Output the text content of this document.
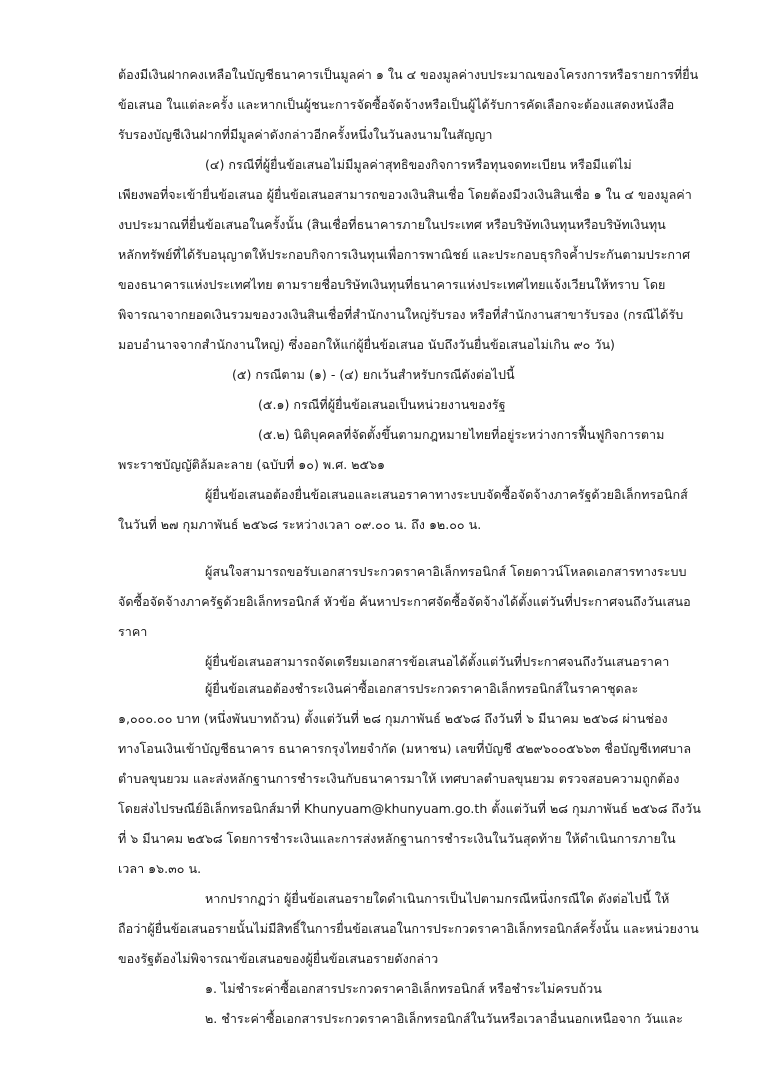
ต้องมีเงินฝากคงเหลือในบัญชีธนาคารเป็นมูลค่า ๑ ใน ๔ ของมูลค่างบประมาณของโครงการหรือรายการที่ยื่น
ข้อเสนอ ในแต่ละครั้ง และหากเป็นผู้ชนะการจัดซื้อจัดจ้างหรือเป็นผู้ได้รับการคัดเลือกจะต้องแสดงหนังสือ
รับรองบัญชีเงินฝากที่มีมูลค่าดังกล่าวอีกครั้งหนึ่งในวันลงนามในสัญญา
(๔) กรณีที่ผู้ยื่นข้อเสนอไม่มีมูลค่าสุทธิของกิจการหรือทุนจดทะเบียน หรือมีแต่ไม่
เพียงพอที่จะเข้ายื่นข้อเสนอ ผู้ยื่นข้อเสนอสามารถขอวงเงินสินเชื่อ โดยต้องมีวงเงินสินเชื่อ ๑ ใน ๔ ของมูลค่า
งบประมาณที่ยื่นข้อเสนอในครั้งนั้น (สินเชื่อที่ธนาคารภายในประเทศ หรือบริษัทเงินทุนหรือบริษัทเงินทุน
หลักทรัพย์ที่ได้รับอนุญาตให้ประกอบกิจการเงินทุนเพื่อการพาณิชย์ และประกอบธุรกิจค้ำประกันตามประกาศ
ของธนาคารแห่งประเทศไทย ตามรายชื่อบริษัทเงินทุนที่ธนาคารแห่งประเทศไทยแจ้งเวียนให้ทราบ โดย
พิจารณาจากยอดเงินรวมของวงเงินสินเชื่อที่สำนักงานใหญ่รับรอง หรือที่สำนักงานสาขารับรอง (กรณีได้รับ
มอบอำนาจจากสำนักงานใหญ่) ซึ่งออกให้แก่ผู้ยื่นข้อเสนอ นับถึงวันยื่นข้อเสนอไม่เกิน ๙๐ วัน)
(๕) กรณีตาม (๑) - (๔) ยกเว้นสำหรับกรณีดังต่อไปนี้
(๕.๑) กรณีที่ผู้ยื่นข้อเสนอเป็นหน่วยงานของรัฐ
(๕.๒) นิติบุคคลที่จัดตั้งขึ้นตามกฎหมายไทยที่อยู่ระหว่างการฟื้นฟูกิจการตาม
พระราชบัญญัติล้มละลาย (ฉบับที่ ๑๐) พ.ศ. ๒๕๖๑
ผู้ยื่นข้อเสนอต้องยื่นข้อเสนอและเสนอราคาทางระบบจัดซื้อจัดจ้างภาครัฐด้วยอิเล็กทรอนิกส์
ในวันที่ ๒๗ กุมภาพันธ์ ๒๕๖๘ ระหว่างเวลา ๐๙.๐๐ น. ถึง ๑๒.๐๐ น.
ผู้สนใจสามารถขอรับเอกสารประกวดราคาอิเล็กทรอนิกส์ โดยดาวน์โหลดเอกสารทางระบบ
จัดซื้อจัดจ้างภาครัฐด้วยอิเล็กทรอนิกส์ หัวข้อ ค้นหาประกาศจัดซื้อจัดจ้างได้ตั้งแต่วันที่ประกาศจนถึงวันเสนอ
ราคา
ผู้ยื่นข้อเสนอสามารถจัดเตรียมเอกสารข้อเสนอได้ตั้งแต่วันที่ประกาศจนถึงวันเสนอราคา
ผู้ยื่นข้อเสนอต้องชำระเงินค่าซื้อเอกสารประกวดราคาอิเล็กทรอนิกส์ในราคาชุดละ
๑,๐๐๐.๐๐ บาท (หนึ่งพันบาทถ้วน) ตั้งแต่วันที่ ๒๘ กุมภาพันธ์ ๒๕๖๘ ถึงวันที่ ๖ มีนาคม ๒๕๖๘ ผ่านช่อง
ทางโอนเงินเข้าบัญชีธนาคาร ธนาคารกรุงไทยจำกัด (มหาชน) เลขที่บัญชี ๕๒๙๖๐๐๕๖๖๓ ชื่อบัญชีเทศบาล
ตำบลขุนยวม และส่งหลักฐานการชำระเงินกับธนาคารมาให้ เทศบาลตำบลขุนยวม ตรวจสอบความถูกต้อง
โดยส่งไปรษณีย์อิเล็กทรอนิกส์มาที่ Khunyuam@khunyuam.go.th ตั้งแต่วันที่ ๒๘ กุมภาพันธ์ ๒๕๖๘ ถึงวัน
ที่ ๖ มีนาคม ๒๕๖๘ โดยการชำระเงินและการส่งหลักฐานการชำระเงินในวันสุดท้าย ให้ดำเนินการภายใน
เวลา ๑๖.๓๐ น.
หากปรากฏว่า ผู้ยื่นข้อเสนอรายใดดำเนินการเป็นไปตามกรณีหนึ่งกรณีใด ดังต่อไปนี้ ให้
ถือว่าผู้ยื่นข้อเสนอรายนั้นไม่มีสิทธิ์ในการยื่นข้อเสนอในการประกวดราคาอิเล็กทรอนิกส์ครั้งนั้น และหน่วยงาน
ของรัฐต้องไม่พิจารณาข้อเสนอของผู้ยื่นข้อเสนอรายดังกล่าว
๑. ไม่ชำระค่าซื้อเอกสารประกวดราคาอิเล็กทรอนิกส์ หรือชำระไม่ครบถ้วน
๒. ชำระค่าซื้อเอกสารประกวดราคาอิเล็กทรอนิกส์ในวันหรือเวลาอื่นนอกเหนือจาก วันและ
